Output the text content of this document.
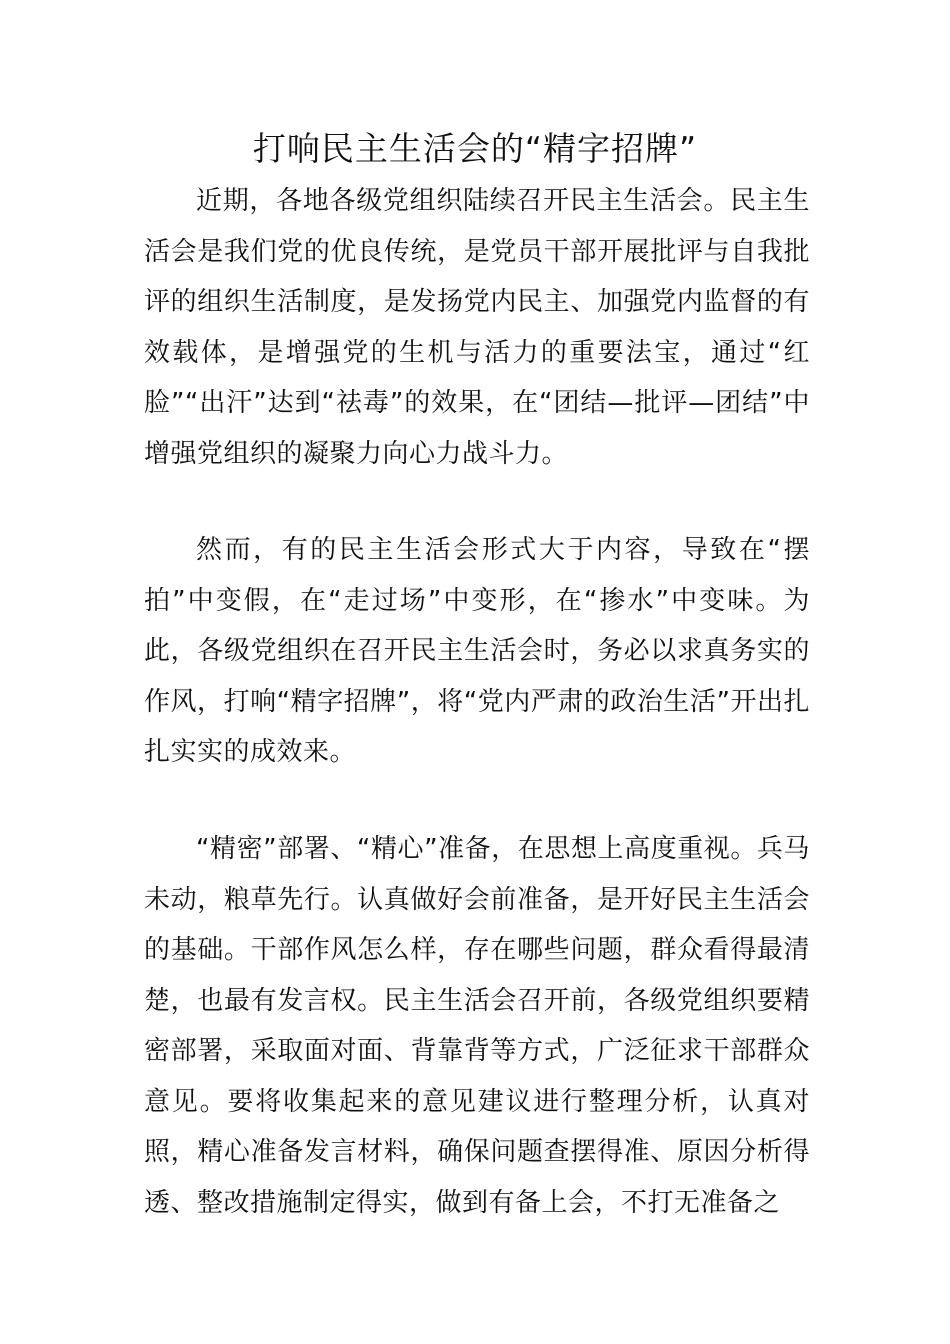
打响民主生活会的“精字招牌”

近期，各地各级党组织陆续召开民主生活会。民主生活会是我们党的优良传统，是党员干部开展批评与自我批评的组织生活制度，是发扬党内民主、加强党内监督的有效载体，是增强党的生机与活力的重要法宝，通过“红脸”“出汗”达到“祛毒”的效果，在“团结—批评—团结”中增强党组织的凝聚力向心力战斗力。

然而，有的民主生活会形式大于内容，导致在“摆拍”中变假，在“走过场”中变形，在“掺水”中变味。为此，各级党组织在召开民主生活会时，务必以求真务实的作风，打响“精字招牌”，将“党内严肃的政治生活”开出扎扎实实的成效来。

“精密”部署、“精心”准备，在思想上高度重视。兵马未动，粮草先行。认真做好会前准备，是开好民主生活会的基础。干部作风怎么样，存在哪些问题，群众看得最清楚，也最有发言权。民主生活会召开前，各级党组织要精密部署，采取面对面、背靠背等方式，广泛征求干部群众意见。要将收集起来的意见建议进行整理分析，认真对照，精心准备发言材料，确保问题查摆得准、原因分析得透、整改措施制定得实，做到有备上会，不打无准备之
